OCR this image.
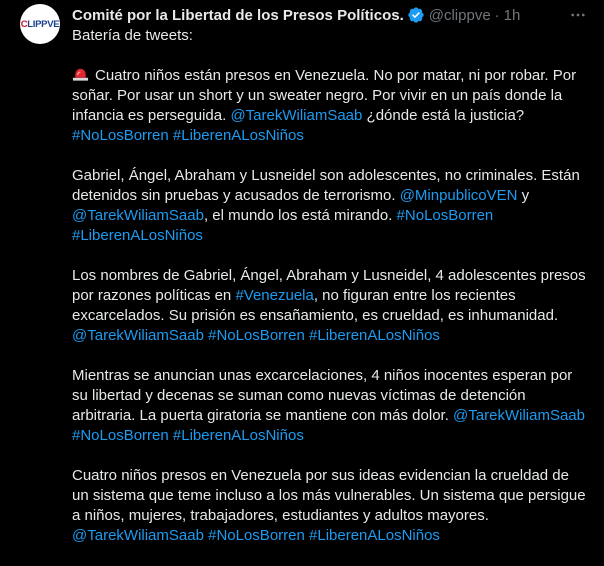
CLIPPVE
Comité por la Libertad de los Presos Políticos. @clippve · 1h
Batería de tweets:
Cuatro niños están presos en Venezuela. No por matar, ni por robar. Por soñar. Por usar un short y un sweater negro. Por vivir en un país donde la infancia es perseguida. @TarekWiliamSaab ¿dónde está la justicia? #NoLosBorren #LiberenALosNiños
Gabriel, Ángel, Abraham y Lusneidel son adolescentes, no criminales. Están detenidos sin pruebas y acusados de terrorismo. @MinpublicoVEN y @TarekWiliamSaab, el mundo los está mirando. #NoLosBorren #LiberenALosNiños
Los nombres de Gabriel, Ángel, Abraham y Lusneidel, 4 adolescentes presos por razones políticas en #Venezuela, no figuran entre los recientes excarcelados. Su prisión es ensañamiento, es crueldad, es inhumanidad. @TarekWiliamSaab #NoLosBorren #LiberenALosNiños
Mientras se anuncian unas excarcelaciones, 4 niños inocentes esperan por su libertad y decenas se suman como nuevas víctimas de detención arbitraria. La puerta giratoria se mantiene con más dolor. @TarekWiliamSaab #NoLosBorren #LiberenALosNiños
Cuatro niños presos en Venezuela por sus ideas evidencian la crueldad de un sistema que teme incluso a los más vulnerables. Un sistema que persigue a niños, mujeres, trabajadores, estudiantes y adultos mayores. @TarekWiliamSaab #NoLosBorren #LiberenALosNiños
